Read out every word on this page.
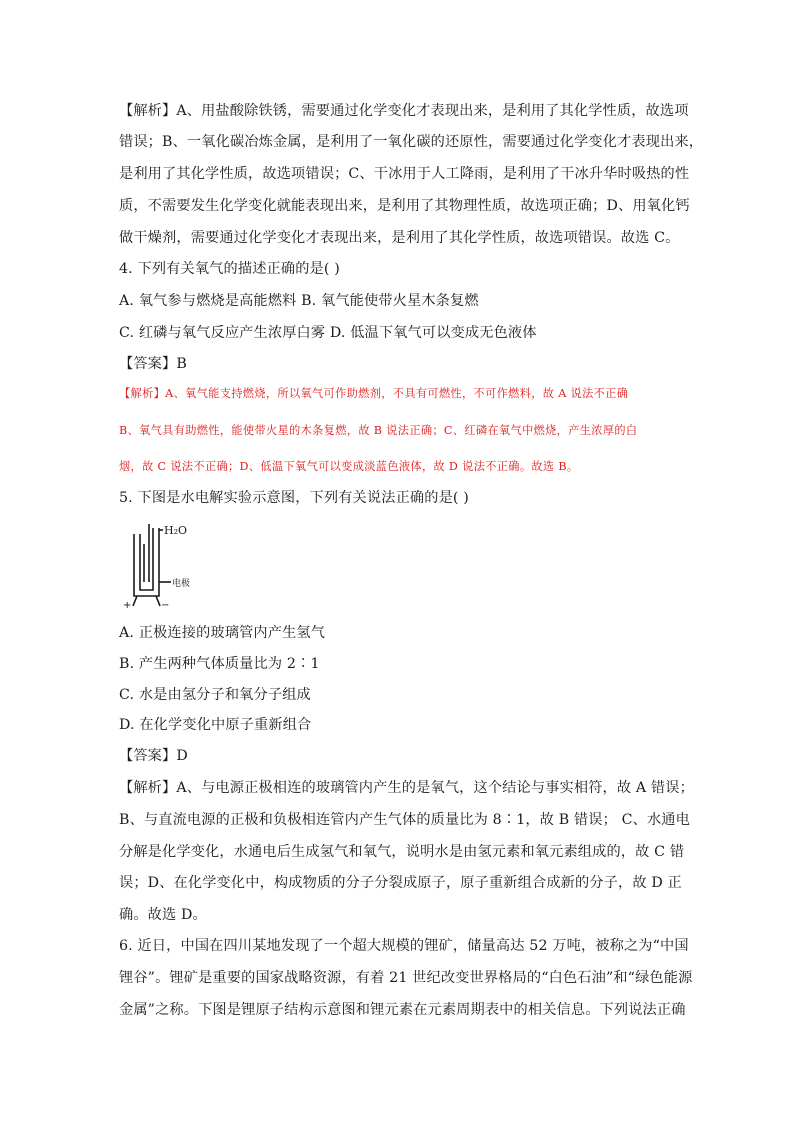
【解析】A、用盐酸除铁锈，需要通过化学变化才表现出来，是利用了其化学性质，故选项
错误；B、一氧化碳冶炼金属，是利用了一氧化碳的还原性，需要通过化学变化才表现出来，
是利用了其化学性质，故选项错误；C、干冰用于人工降雨，是利用了干冰升华时吸热的性
质，不需要发生化学变化就能表现出来，是利用了其物理性质，故选项正确；D、用氧化钙
做干燥剂，需要通过化学变化才表现出来，是利用了其化学性质，故选项错误。故选 C。
4. 下列有关氧气的描述正确的是( )
A. 氧气参与燃烧是高能燃料 B. 氧气能使带火星木条复燃
C. 红磷与氧气反应产生浓厚白雾 D. 低温下氧气可以变成无色液体
【答案】B
【解析】A、氧气能支持燃烧，所以氧气可作助燃剂，不具有可燃性，不可作燃料，故 A 说法不正确
B、氧气具有助燃性，能使带火星的木条复燃，故 B 说法正确；C、红磷在氧气中燃烧，产生浓厚的白
烟，故 C 说法不正确；D、低温下氧气可以变成淡蓝色液体，故 D 说法不正确。故选 B。
5. 下图是水电解实验示意图，下列有关说法正确的是( )
H₂O
电极
+	−
A. 正极连接的玻璃管内产生氢气
B. 产生两种气体质量比为 2∶1
C. 水是由氢分子和氧分子组成
D. 在化学变化中原子重新组合
【答案】D
【解析】A、与电源正极相连的玻璃管内产生的是氧气，这个结论与事实相符，故 A 错误；
B、与直流电源的正极和负极相连管内产生气体的质量比为 8∶1，故 B 错误； C、水通电
分解是化学变化，水通电后生成氢气和氧气，说明水是由氢元素和氧元素组成的，故 C 错
误；D、在化学变化中，构成物质的分子分裂成原子，原子重新组合成新的分子，故 D 正
确。故选 D。
6. 近日，中国在四川某地发现了一个超大规模的锂矿，储量高达 52 万吨，被称之为“中国
锂谷”。锂矿是重要的国家战略资源，有着 21 世纪改变世界格局的“白色石油”和“绿色能源
金属”之称。下图是锂原子结构示意图和锂元素在元素周期表中的相关信息。下列说法正确
